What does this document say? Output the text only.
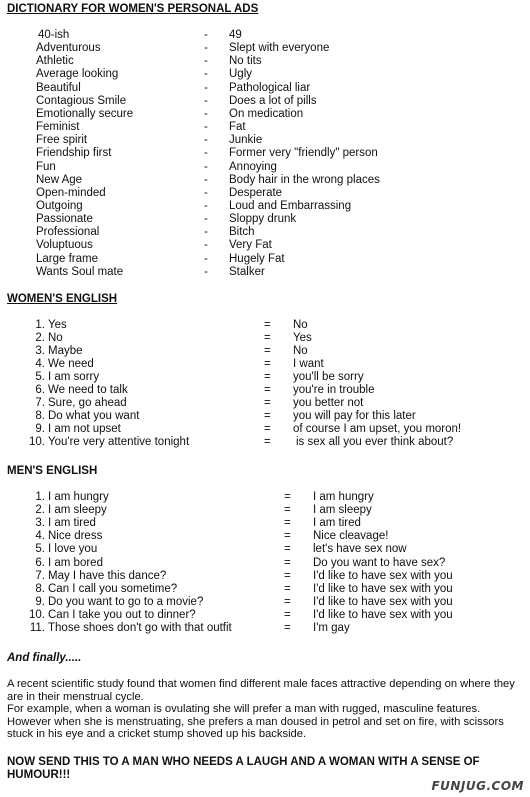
DICTIONARY FOR WOMEN'S PERSONAL ADS
40-ish	- 49
Adventurous	- Slept with everyone
Athletic	- No tits
Average looking	- Ugly
Beautiful	- Pathological liar
Contagious Smile	- Does a lot of pills
Emotionally secure	- On medication
Feminist	- Fat
Free spirit	- Junkie
Friendship first	- Former very "friendly" person
Fun	- Annoying
New Age	- Body hair in the wrong places
Open-minded	- Desperate
Outgoing	- Loud and Embarrassing
Passionate	- Sloppy drunk
Professional	- Bitch
Voluptuous	- Very Fat
Large frame	- Hugely Fat
Wants Soul mate	- Stalker
WOMEN'S ENGLISH
1. Yes	= No
2. No	= Yes
3. Maybe	= No
4. We need	= I want
5. I am sorry	= you'll be sorry
6. We need to talk	= you're in trouble
7. Sure, go ahead	= you better not
8. Do what you want	= you will pay for this later
9. I am not upset	= of course I am upset, you moron!
10. You're very attentive tonight	= is sex all you ever think about?
MEN'S ENGLISH
1. I am hungry	= I am hungry
2. I am sleepy	= I am sleepy
3. I am tired	= I am tired
4. Nice dress	= Nice cleavage!
5. I love you	= let's have sex now
6. I am bored	= Do you want to have sex?
7. May I have this dance?	= I'd like to have sex with you
8. Can I call you sometime?	= I'd like to have sex with you
9. Do you want to go to a movie?	= I'd like to have sex with you
10. Can I take you out to dinner?	= I'd like to have sex with you
11. Those shoes don't go with that outfit	= I'm gay
And finally.....
A recent scientific study found that women find different male faces attractive depending on where they are in their menstrual cycle.
For example, when a woman is ovulating she will prefer a man with rugged, masculine features. However when she is menstruating, she prefers a man doused in petrol and set on fire, with scissors stuck in his eye and a cricket stump shoved up his backside.
NOW SEND THIS TO A MAN WHO NEEDS A LAUGH AND A WOMAN WITH A SENSE OF HUMOUR!!!
FUNJUG.COM
